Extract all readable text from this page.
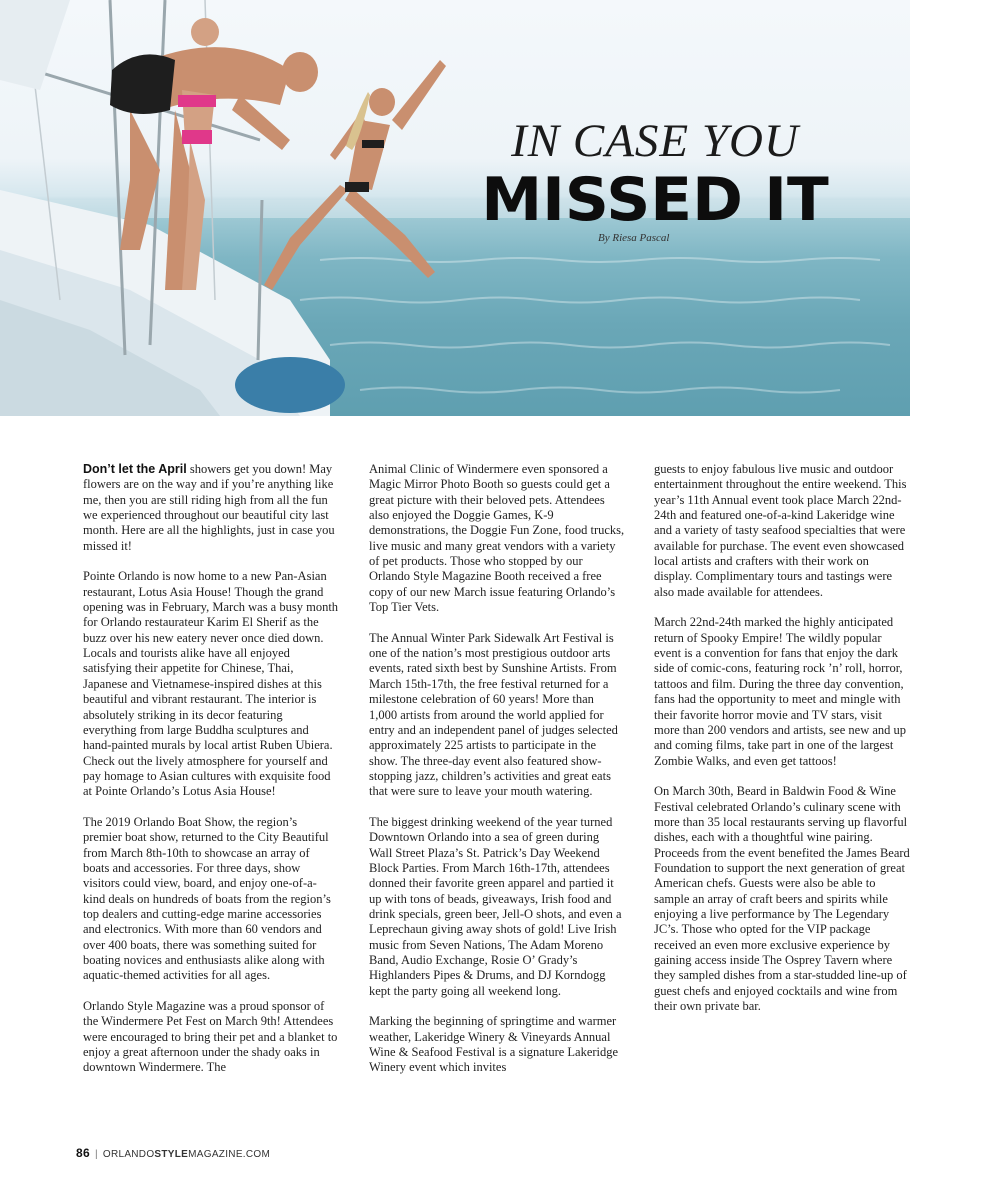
IN CASE YOU
MISSED IT
By Riesa Pascal

Don’t let the April showers get you down! May flowers are on the way and if you’re anything like me, then you are still riding high from all the fun we experienced throughout our beautiful city last month. Here are all the highlights, just in case you missed it!

Pointe Orlando is now home to a new Pan-Asian restaurant, Lotus Asia House! Though the grand opening was in February, March was a busy month for Orlando restaurateur Karim El Sherif as the buzz over his new eatery never once died down. Locals and tourists alike have all enjoyed satisfying their appetite for Chinese, Thai, Japanese and Vietnamese-inspired dishes at this beautiful and vibrant restaurant. The interior is absolutely striking in its decor featuring everything from large Buddha sculptures and hand-painted murals by local artist Ruben Ubiera. Check out the lively atmosphere for yourself and pay homage to Asian cultures with exquisite food at Pointe Orlando’s Lotus Asia House!

The 2019 Orlando Boat Show, the region’s premier boat show, returned to the City Beautiful from March 8th-10th to showcase an array of boats and accessories. For three days, show visitors could view, board, and enjoy one-of-a-kind deals on hundreds of boats from the region’s top dealers and cutting-edge marine accessories and electronics. With more than 60 vendors and over 400 boats, there was something suited for boating novices and enthusiasts alike along with aquatic-themed activities for all ages.

Orlando Style Magazine was a proud sponsor of the Windermere Pet Fest on March 9th! Attendees were encouraged to bring their pet and a blanket to enjoy a great afternoon under the shady oaks in downtown Windermere. The

Animal Clinic of Windermere even sponsored a Magic Mirror Photo Booth so guests could get a great picture with their beloved pets. Attendees also enjoyed the Doggie Games, K-9 demonstrations, the Doggie Fun Zone, food trucks, live music and many great vendors with a variety of pet products. Those who stopped by our Orlando Style Magazine Booth received a free copy of our new March issue featuring Orlando’s Top Tier Vets.

The Annual Winter Park Sidewalk Art Festival is one of the nation’s most prestigious outdoor arts events, rated sixth best by Sunshine Artists. From March 15th-17th, the free festival returned for a milestone celebration of 60 years! More than 1,000 artists from around the world applied for entry and an independent panel of judges selected approximately 225 artists to participate in the show. The three-day event also featured show-stopping jazz, children’s activities and great eats that were sure to leave your mouth watering.

The biggest drinking weekend of the year turned Downtown Orlando into a sea of green during Wall Street Plaza’s St. Patrick’s Day Weekend Block Parties. From March 16th-17th, attendees donned their favorite green apparel and partied it up with tons of beads, giveaways, Irish food and drink specials, green beer, Jell-O shots, and even a Leprechaun giving away shots of gold! Live Irish music from Seven Nations, The Adam Moreno Band, Audio Exchange, Rosie O’ Grady’s Highlanders Pipes & Drums, and DJ Korndogg kept the party going all weekend long.

Marking the beginning of springtime and warmer weather, Lakeridge Winery & Vineyards Annual Wine & Seafood Festival is a signature Lakeridge Winery event which invites

guests to enjoy fabulous live music and outdoor entertainment throughout the entire weekend. This year’s 11th Annual event took place March 22nd-24th and featured one-of-a-kind Lakeridge wine and a variety of tasty seafood specialties that were available for purchase. The event even showcased local artists and crafters with their work on display. Complimentary tours and tastings were also made available for attendees.

March 22nd-24th marked the highly anticipated return of Spooky Empire! The wildly popular event is a convention for fans that enjoy the dark side of comic-cons, featuring rock ’n’ roll, horror, tattoos and film. During the three day convention, fans had the opportunity to meet and mingle with their favorite horror movie and TV stars, visit more than 200 vendors and artists, see new and up and coming films, take part in one of the largest Zombie Walks, and even get tattoos!

On March 30th, Beard in Baldwin Food & Wine Festival celebrated Orlando’s culinary scene with more than 35 local restaurants serving up flavorful dishes, each with a thoughtful wine pairing. Proceeds from the event benefited the James Beard Foundation to support the next generation of great American chefs. Guests were also be able to sample an array of craft beers and spirits while enjoying a live performance by The Legendary JC’s. Those who opted for the VIP package received an even more exclusive experience by gaining access inside The Osprey Tavern where they sampled dishes from a star-studded line-up of guest chefs and enjoyed cocktails and wine from their own private bar.

86 | ORLANDOSTYLEMAGAZINE.COM
